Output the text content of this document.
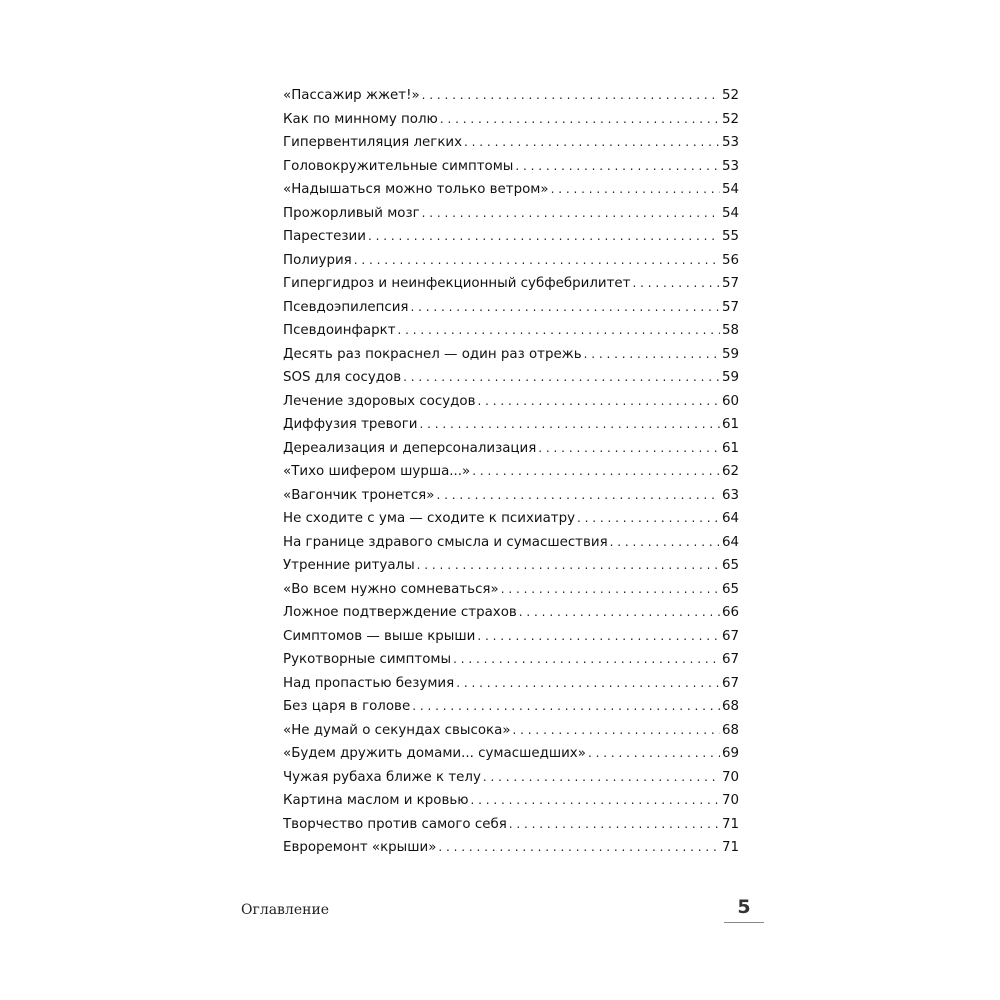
«Пассажир жжет!» . . .	52
Как по минному полю . . .	52
Гипервентиляция легких . . .	53
Головокружительные симптомы . . .	53
«Надышаться можно только ветром» . . .	54
Прожорливый мозг . . .	54
Парестезии . . .	55
Полиурия . . .	56
Гипергидроз и неинфекционный субфебрилитет . . .	57
Псевдоэпилепсия . . .	57
Псевдоинфаркт . . .	58
Десять раз покраснел — один раз отрежь . . .	59
SOS для сосудов . . .	59
Лечение здоровых сосудов . . .	60
Диффузия тревоги . . .	61
Дереализация и деперсонализация . . .	61
«Тихо шифером шурша...» . . .	62
«Вагончик тронется» . . .	63
Не сходите с ума — сходите к психиатру . . .	64
На границе здравого смысла и сумасшествия . . .	64
Утренние ритуалы . . .	65
«Во всем нужно сомневаться» . . .	65
Ложное подтверждение страхов . . .	66
Симптомов — выше крыши . . .	67
Рукотворные симптомы . . .	67
Над пропастью безумия . . .	67
Без царя в голове . . .	68
«Не думай о секундах свысока» . . .	68
«Будем дружить домами... сумасшедших» . . .	69
Чужая рубаха ближе к телу . . .	70
Картина маслом и кровью . . .	70
Творчество против самого себя . . .	71
Евроремонт «крыши» . . .	71
Оглавление	5
